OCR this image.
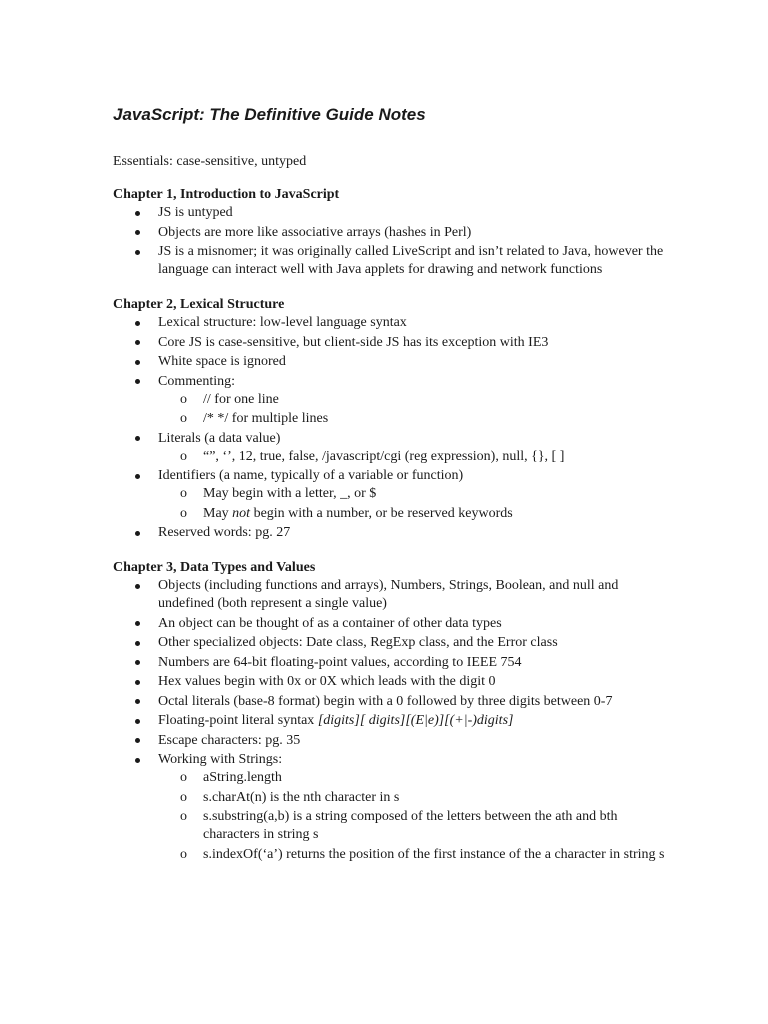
JavaScript: The Definitive Guide Notes

Essentials: case-sensitive, untyped

Chapter 1, Introduction to JavaScript

JS is untyped
Objects are more like associative arrays (hashes in Perl)
JS is a misnomer; it was originally called LiveScript and isn’t related to Java, however the language can interact well with Java applets for drawing and network functions

Chapter 2, Lexical Structure

Lexical structure: low-level language syntax
Core JS is case-sensitive, but client-side JS has its exception with IE3
White space is ignored
Commenting:
o // for one line
o /* */ for multiple lines
Literals (a data value)
o “”, ‘’, 12, true, false, /javascript/cgi (reg expression), null, {}, [ ]
Identifiers (a name, typically of a variable or function)
o May begin with a letter, _, or $
o May not begin with a number, or be reserved keywords
Reserved words: pg. 27

Chapter 3, Data Types and Values

Objects (including functions and arrays), Numbers, Strings, Boolean, and null and undefined (both represent a single value)
An object can be thought of as a container of other data types
Other specialized objects: Date class, RegExp class, and the Error class
Numbers are 64-bit floating-point values, according to IEEE 754
Hex values begin with 0x or 0X which leads with the digit 0
Octal literals (base-8 format) begin with a 0 followed by three digits between 0-7
Floating-point literal syntax [digits][ digits][(E|e)][(+|-)digits]
Escape characters: pg. 35
Working with Strings:
o aString.length
o s.charAt(n) is the nth character in s
o s.substring(a,b) is a string composed of the letters between the ath and bth characters in string s
o s.indexOf(‘a’) returns the position of the first instance of the a character in string s
